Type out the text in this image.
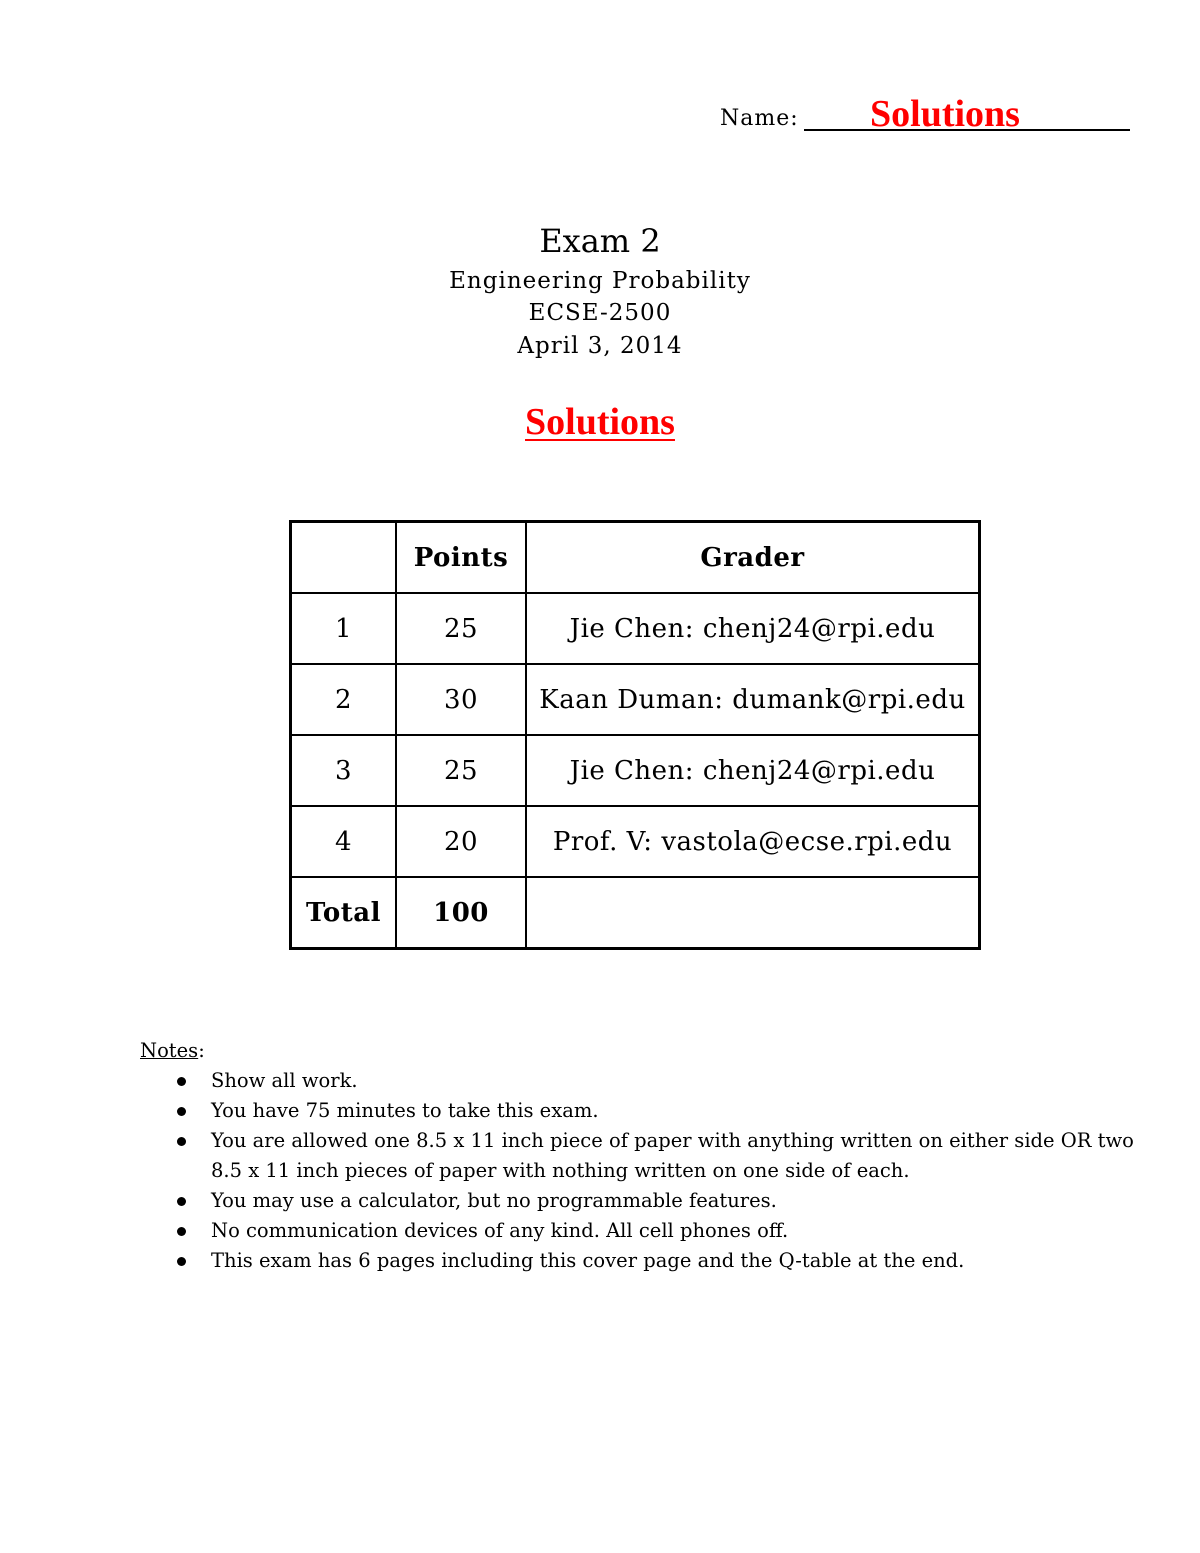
Name: Solutions
Exam 2
Engineering Probability
ECSE-2500
April 3, 2014
Solutions
	Points	Grader
1	25	Jie Chen: chenj24@rpi.edu
2	30	Kaan Duman: dumank@rpi.edu
3	25	Jie Chen: chenj24@rpi.edu
4	20	Prof. V: vastola@ecse.rpi.edu
Total	100	
Notes:
Show all work.
You have 75 minutes to take this exam.
You are allowed one 8.5 x 11 inch piece of paper with anything written on either side OR two 8.5 x 11 inch pieces of paper with nothing written on one side of each.
You may use a calculator, but no programmable features.
No communication devices of any kind. All cell phones off.
This exam has 6 pages including this cover page and the Q-table at the end.
